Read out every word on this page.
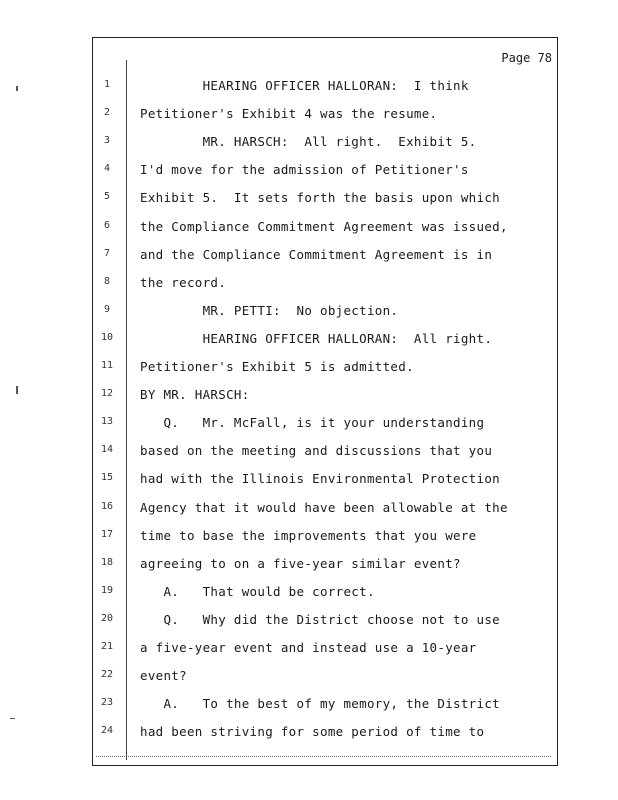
Page 78
1	HEARING OFFICER HALLORAN:  I think
2	Petitioner's Exhibit 4 was the resume.
3	MR. HARSCH:  All right.  Exhibit 5.
4	I'd move for the admission of Petitioner's
5	Exhibit 5.  It sets forth the basis upon which
6	the Compliance Commitment Agreement was issued,
7	and the Compliance Commitment Agreement is in
8	the record.
9	MR. PETTI:  No objection.
10	HEARING OFFICER HALLORAN:  All right.
11	Petitioner's Exhibit 5 is admitted.
12	BY MR. HARSCH:
13	Q.   Mr. McFall, is it your understanding
14	based on the meeting and discussions that you
15	had with the Illinois Environmental Protection
16	Agency that it would have been allowable at the
17	time to base the improvements that you were
18	agreeing to on a five-year similar event?
19	A.   That would be correct.
20	Q.   Why did the District choose not to use
21	a five-year event and instead use a 10-year
22	event?
23	A.   To the best of my memory, the District
24	had been striving for some period of time to
